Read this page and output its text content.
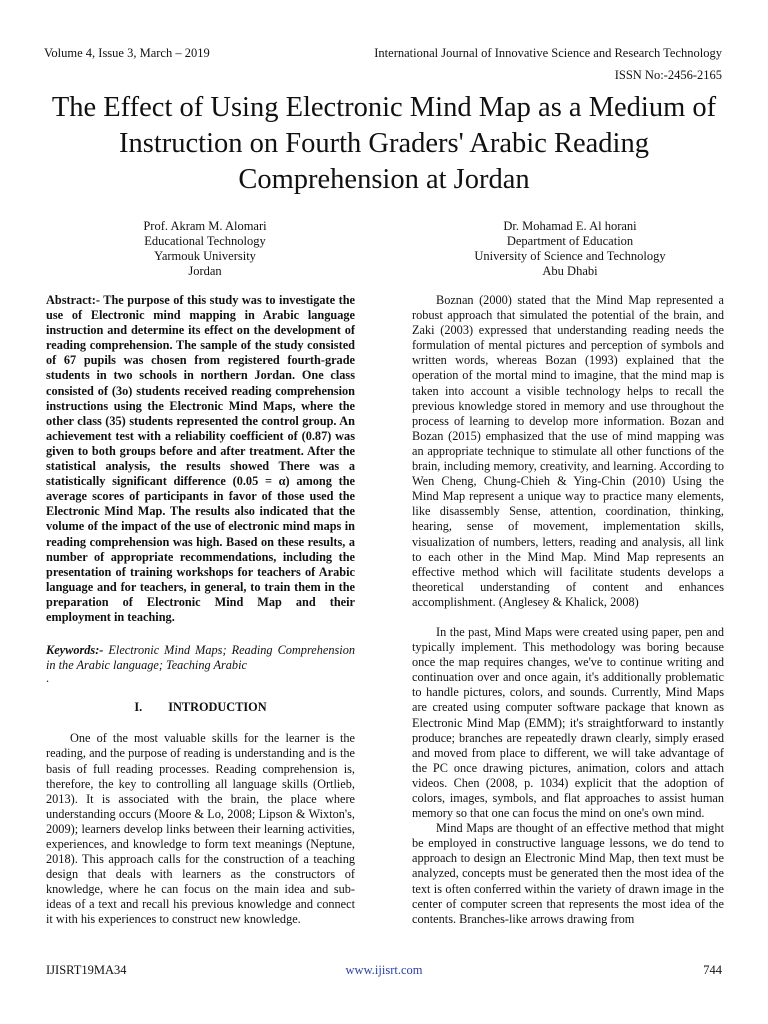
Volume 4, Issue 3, March – 2019	International Journal of Innovative Science and Research Technology
ISSN No:-2456-2165
The Effect of Using Electronic Mind Map as a Medium of Instruction on Fourth Graders' Arabic Reading Comprehension at Jordan
Prof. Akram M. Alomari
Educational Technology
Yarmouk University
Jordan
Dr. Mohamad E. Al horani
Department of Education
University of Science and Technology
Abu Dhabi

Abstract:- The purpose of this study was to investigate the use of Electronic mind mapping in Arabic language instruction and determine its effect on the development of reading comprehension. The sample of the study consisted of 67 pupils was chosen from registered fourth-grade students in two schools in northern Jordan. One class consisted of (3o) students received reading comprehension instructions using the Electronic Mind Maps, where the other class (35) students represented the control group. An achievement test with a reliability coefficient of (0.87) was given to both groups before and after treatment. After the statistical analysis, the results showed There was a statistically significant difference (0.05 = α) among the average scores of participants in favor of those used the Electronic Mind Map. The results also indicated that the volume of the impact of the use of electronic mind maps in reading comprehension was high. Based on these results, a number of appropriate recommendations, including the presentation of training workshops for teachers of Arabic language and for teachers, in general, to train them in the preparation of Electronic Mind Map and their employment in teaching.

Keywords:- Electronic Mind Maps; Reading Comprehension in the Arabic language; Teaching Arabic

.
I. INTRODUCTION

One of the most valuable skills for the learner is the reading, and the purpose of reading is understanding and is the basis of full reading processes. Reading comprehension is, therefore, the key to controlling all language skills (Ortlieb, 2013). It is associated with the brain, the place where understanding occurs (Moore & Lo, 2008; Lipson & Wixton's, 2009); learners develop links between their learning activities, experiences, and knowledge to form text meanings (Neptune, 2018). This approach calls for the construction of a teaching design that deals with learners as the constructors of knowledge, where he can focus on the main idea and sub-ideas of a text and recall his previous knowledge and connect it with his experiences to construct new knowledge.

Boznan (2000) stated that the Mind Map represented a robust approach that simulated the potential of the brain, and Zaki (2003) expressed that understanding reading needs the formulation of mental pictures and perception of symbols and written words, whereas Bozan (1993) explained that the operation of the mortal mind to imagine, that the mind map is taken into account a visible technology helps to recall the previous knowledge stored in memory and use throughout the process of learning to develop more information. Bozan and Bozan (2015) emphasized that the use of mind mapping was an appropriate technique to stimulate all other functions of the brain, including memory, creativity, and learning. According to Wen Cheng, Chung-Chieh & Ying-Chin (2010) Using the Mind Map represent a unique way to practice many elements, like disassembly Sense, attention, coordination, thinking, hearing, sense of movement, implementation skills, visualization of numbers, letters, reading and analysis, all link to each other in the Mind Map. Mind Map represents an effective method which will facilitate students develops a theoretical understanding of content and enhances accomplishment. (Anglesey & Khalick, 2008)

In the past, Mind Maps were created using paper, pen and typically implement. This methodology was boring because once the map requires changes, we've to continue writing and continuation over and once again, it's additionally problematic to handle pictures, colors, and sounds. Currently, Mind Maps are created using computer software package that known as Electronic Mind Map (EMM); it's straightforward to instantly produce; branches are repeatedly drawn clearly, simply erased and moved from place to different, we will take advantage of the PC once drawing pictures, animation, colors and attach videos. Chen (2008, p. 1034) explicit that the adoption of colors, images, symbols, and flat approaches to assist human memory so that one can focus the mind on one's own mind.

Mind Maps are thought of an effective method that might be employed in constructive language lessons, we do tend to approach to design an Electronic Mind Map, then text must be analyzed, concepts must be generated then the most idea of the text is often conferred within the variety of drawn image in the center of computer screen that represents the most idea of the contents. Branches-like arrows drawing from

IJISRT19MA34	www.ijisrt.com	744
